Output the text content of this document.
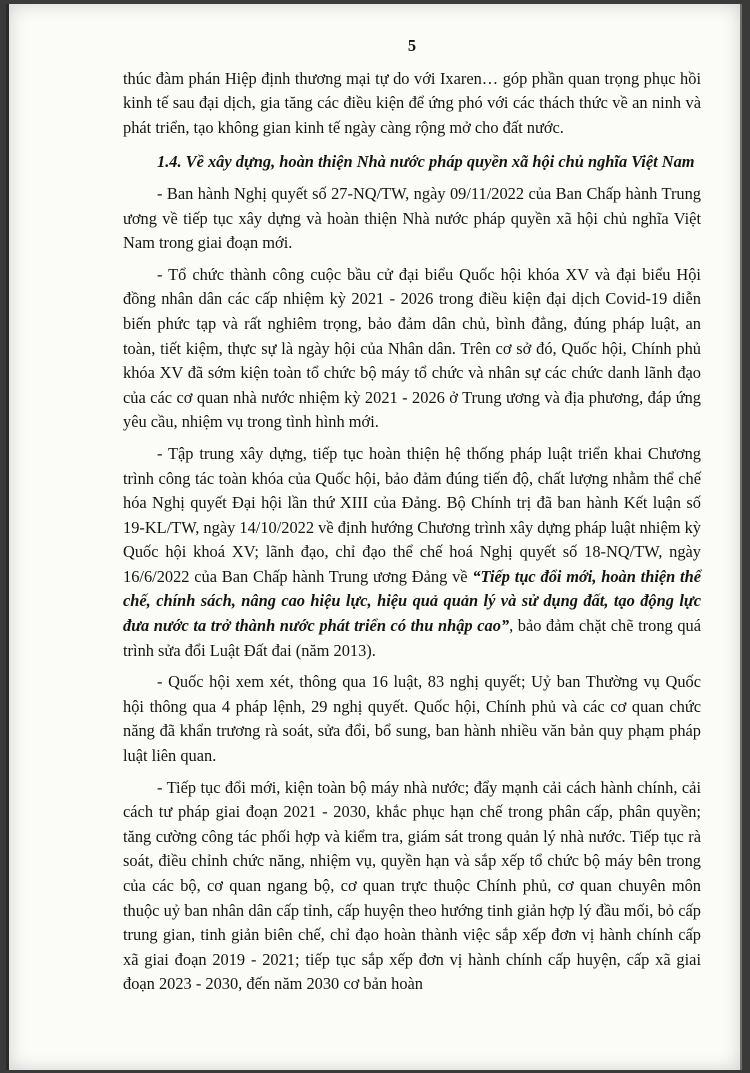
5

thúc đàm phán Hiệp định thương mại tự do với Ixaren… góp phần quan trọng phục hồi kinh tế sau đại dịch, gia tăng các điều kiện để ứng phó với các thách thức về an ninh và phát triển, tạo không gian kinh tế ngày càng rộng mở cho đất nước.

1.4. Về xây dựng, hoàn thiện Nhà nước pháp quyền xã hội chủ nghĩa Việt Nam

- Ban hành Nghị quyết số 27-NQ/TW, ngày 09/11/2022 của Ban Chấp hành Trung ương về tiếp tục xây dựng và hoàn thiện Nhà nước pháp quyền xã hội chủ nghĩa Việt Nam trong giai đoạn mới.

- Tổ chức thành công cuộc bầu cử đại biểu Quốc hội khóa XV và đại biểu Hội đồng nhân dân các cấp nhiệm kỳ 2021 - 2026 trong điều kiện đại dịch Covid-19 diễn biến phức tạp và rất nghiêm trọng, bảo đảm dân chủ, bình đẳng, đúng pháp luật, an toàn, tiết kiệm, thực sự là ngày hội của Nhân dân. Trên cơ sở đó, Quốc hội, Chính phủ khóa XV đã sớm kiện toàn tổ chức bộ máy tổ chức và nhân sự các chức danh lãnh đạo của các cơ quan nhà nước nhiệm kỳ 2021 - 2026 ở Trung ương và địa phương, đáp ứng yêu cầu, nhiệm vụ trong tình hình mới.

- Tập trung xây dựng, tiếp tục hoàn thiện hệ thống pháp luật triển khai Chương trình công tác toàn khóa của Quốc hội, bảo đảm đúng tiến độ, chất lượng nhằm thể chế hóa Nghị quyết Đại hội lần thứ XIII của Đảng. Bộ Chính trị đã ban hành Kết luận số 19-KL/TW, ngày 14/10/2022 về định hướng Chương trình xây dựng pháp luật nhiệm kỳ Quốc hội khoá XV; lãnh đạo, chỉ đạo thể chế hoá Nghị quyết số 18-NQ/TW, ngày 16/6/2022 của Ban Chấp hành Trung ương Đảng về “Tiếp tục đổi mới, hoàn thiện thể chế, chính sách, nâng cao hiệu lực, hiệu quả quản lý và sử dụng đất, tạo động lực đưa nước ta trở thành nước phát triển có thu nhập cao”, bảo đảm chặt chẽ trong quá trình sửa đổi Luật Đất đai (năm 2013).

- Quốc hội xem xét, thông qua 16 luật, 83 nghị quyết; Uỷ ban Thường vụ Quốc hội thông qua 4 pháp lệnh, 29 nghị quyết. Quốc hội, Chính phủ và các cơ quan chức năng đã khẩn trương rà soát, sửa đổi, bổ sung, ban hành nhiều văn bản quy phạm pháp luật liên quan.

- Tiếp tục đổi mới, kiện toàn bộ máy nhà nước; đẩy mạnh cải cách hành chính, cải cách tư pháp giai đoạn 2021 - 2030, khắc phục hạn chế trong phân cấp, phân quyền; tăng cường công tác phối hợp và kiểm tra, giám sát trong quản lý nhà nước. Tiếp tục rà soát, điều chỉnh chức năng, nhiệm vụ, quyền hạn và sắp xếp tổ chức bộ máy bên trong của các bộ, cơ quan ngang bộ, cơ quan trực thuộc Chính phủ, cơ quan chuyên môn thuộc uỷ ban nhân dân cấp tỉnh, cấp huyện theo hướng tinh giản hợp lý đầu mối, bỏ cấp trung gian, tinh giản biên chế, chỉ đạo hoàn thành việc sắp xếp đơn vị hành chính cấp xã giai đoạn 2019 - 2021; tiếp tục sắp xếp đơn vị hành chính cấp huyện, cấp xã giai đoạn 2023 - 2030, đến năm 2030 cơ bản hoàn
